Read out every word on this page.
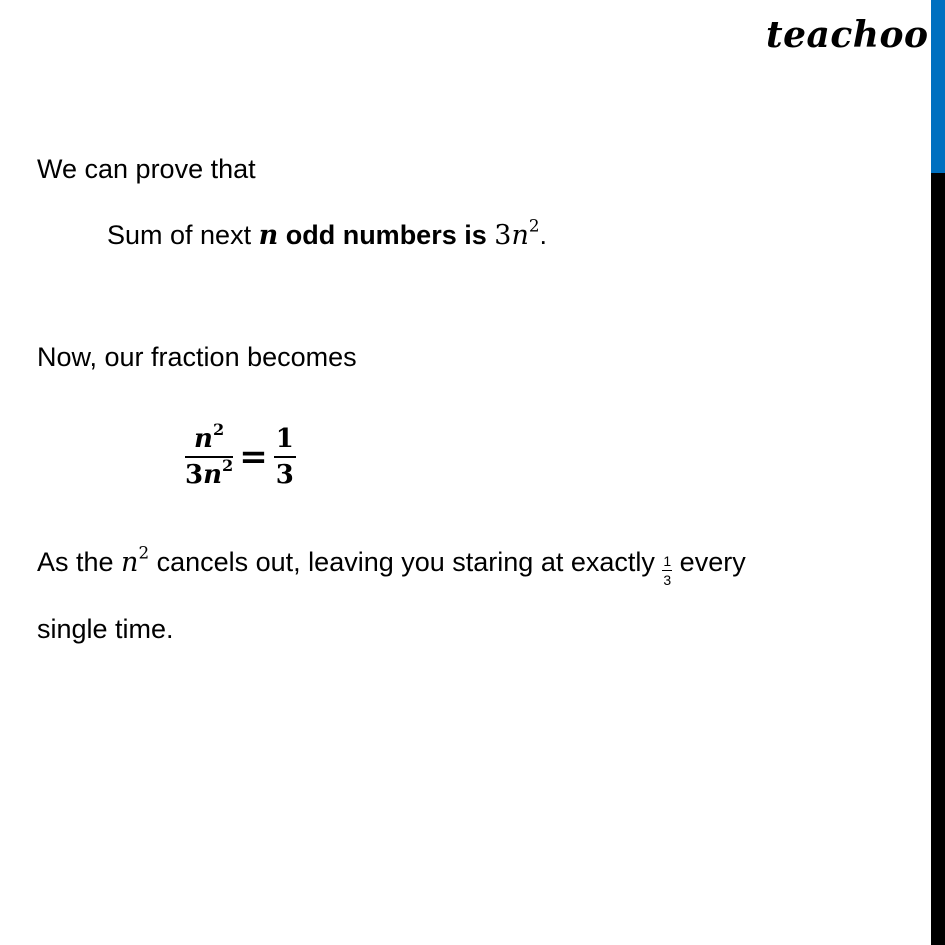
teachoo
We can prove that
Sum of next n odd numbers is $3n^2$.
Now, our fraction becomes
$\frac{n^2}{3n^2} = \frac{1}{3}$
As the $n^2$ cancels out, leaving you staring at exactly $\frac{1}{3}$ every
single time.
